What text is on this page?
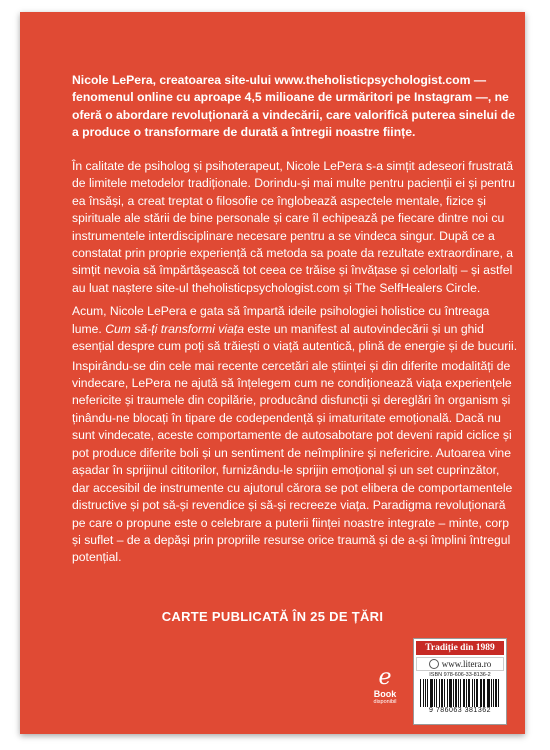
Nicole LePera, creatoarea site-ului www.theholisticpsychologist.com — fenomenul online cu aproape 4,5 milioane de urmăritori pe Instagram —, ne oferă o abordare revoluționară a vindecării, care valorifică puterea sinelui de a produce o transformare de durată a întregii noastre ființe.

În calitate de psiholog și psihoterapeut, Nicole LePera s-a simțit adeseori frustrată de limitele metodelor tradiționale. Dorindu-și mai multe pentru pacienții ei și pentru ea însăși, a creat treptat o filosofie ce înglobează aspectele mentale, fizice și spirituale ale stării de bine personale și care îl echipează pe fiecare dintre noi cu instrumentele interdisciplinare necesare pentru a se vindeca singur. După ce a constatat prin proprie experiență că metoda sa poate da rezultate extraordinare, a simțit nevoia să împărtășească tot ceea ce trăise și învățase și celorlalți – și astfel au luat naștere site-ul theholisticpsychologist.com și The SelfHealers Circle.

Acum, Nicole LePera e gata să împartă ideile psihologiei holistice cu întreaga lume. Cum să-ți transformi viața este un manifest al autovindecării și un ghid esențial despre cum poți să trăiești o viață autentică, plină de energie și de bucurii.

Inspirându-se din cele mai recente cercetări ale științei și din diferite modalități de vindecare, LePera ne ajută să înțelegem cum ne condiționează viața experiențele nefericite și traumele din copilărie, producând disfuncții și dereglări în organism și ținându-ne blocați în tipare de codependență și imaturitate emoțională. Dacă nu sunt vindecate, aceste comportamente de autosabotare pot deveni rapid ciclice și pot produce diferite boli și un sentiment de neîmplinire și nefericire. Autoarea vine așadar în sprijinul cititorilor, furnizându-le sprijin emoțional și un set cuprinzător, dar accesibil de instrumente cu ajutorul cărora se pot elibera de comportamentele distructive și pot să-și revendice și să-și recreeze viața. Paradigma revoluționară pe care o propune este o celebrare a puterii ființei noastre integrate – minte, corp și suflet – de a depăși prin propriile resurse orice traumă și de a-și împlini întregul potențial.

CARTE PUBLICATĂ ÎN 25 DE ȚĂRI
e
Book
disponibil
Tradiție din 1989
www.litera.ro
ISBN 978-606-33-8136-2
9 786063 381362
